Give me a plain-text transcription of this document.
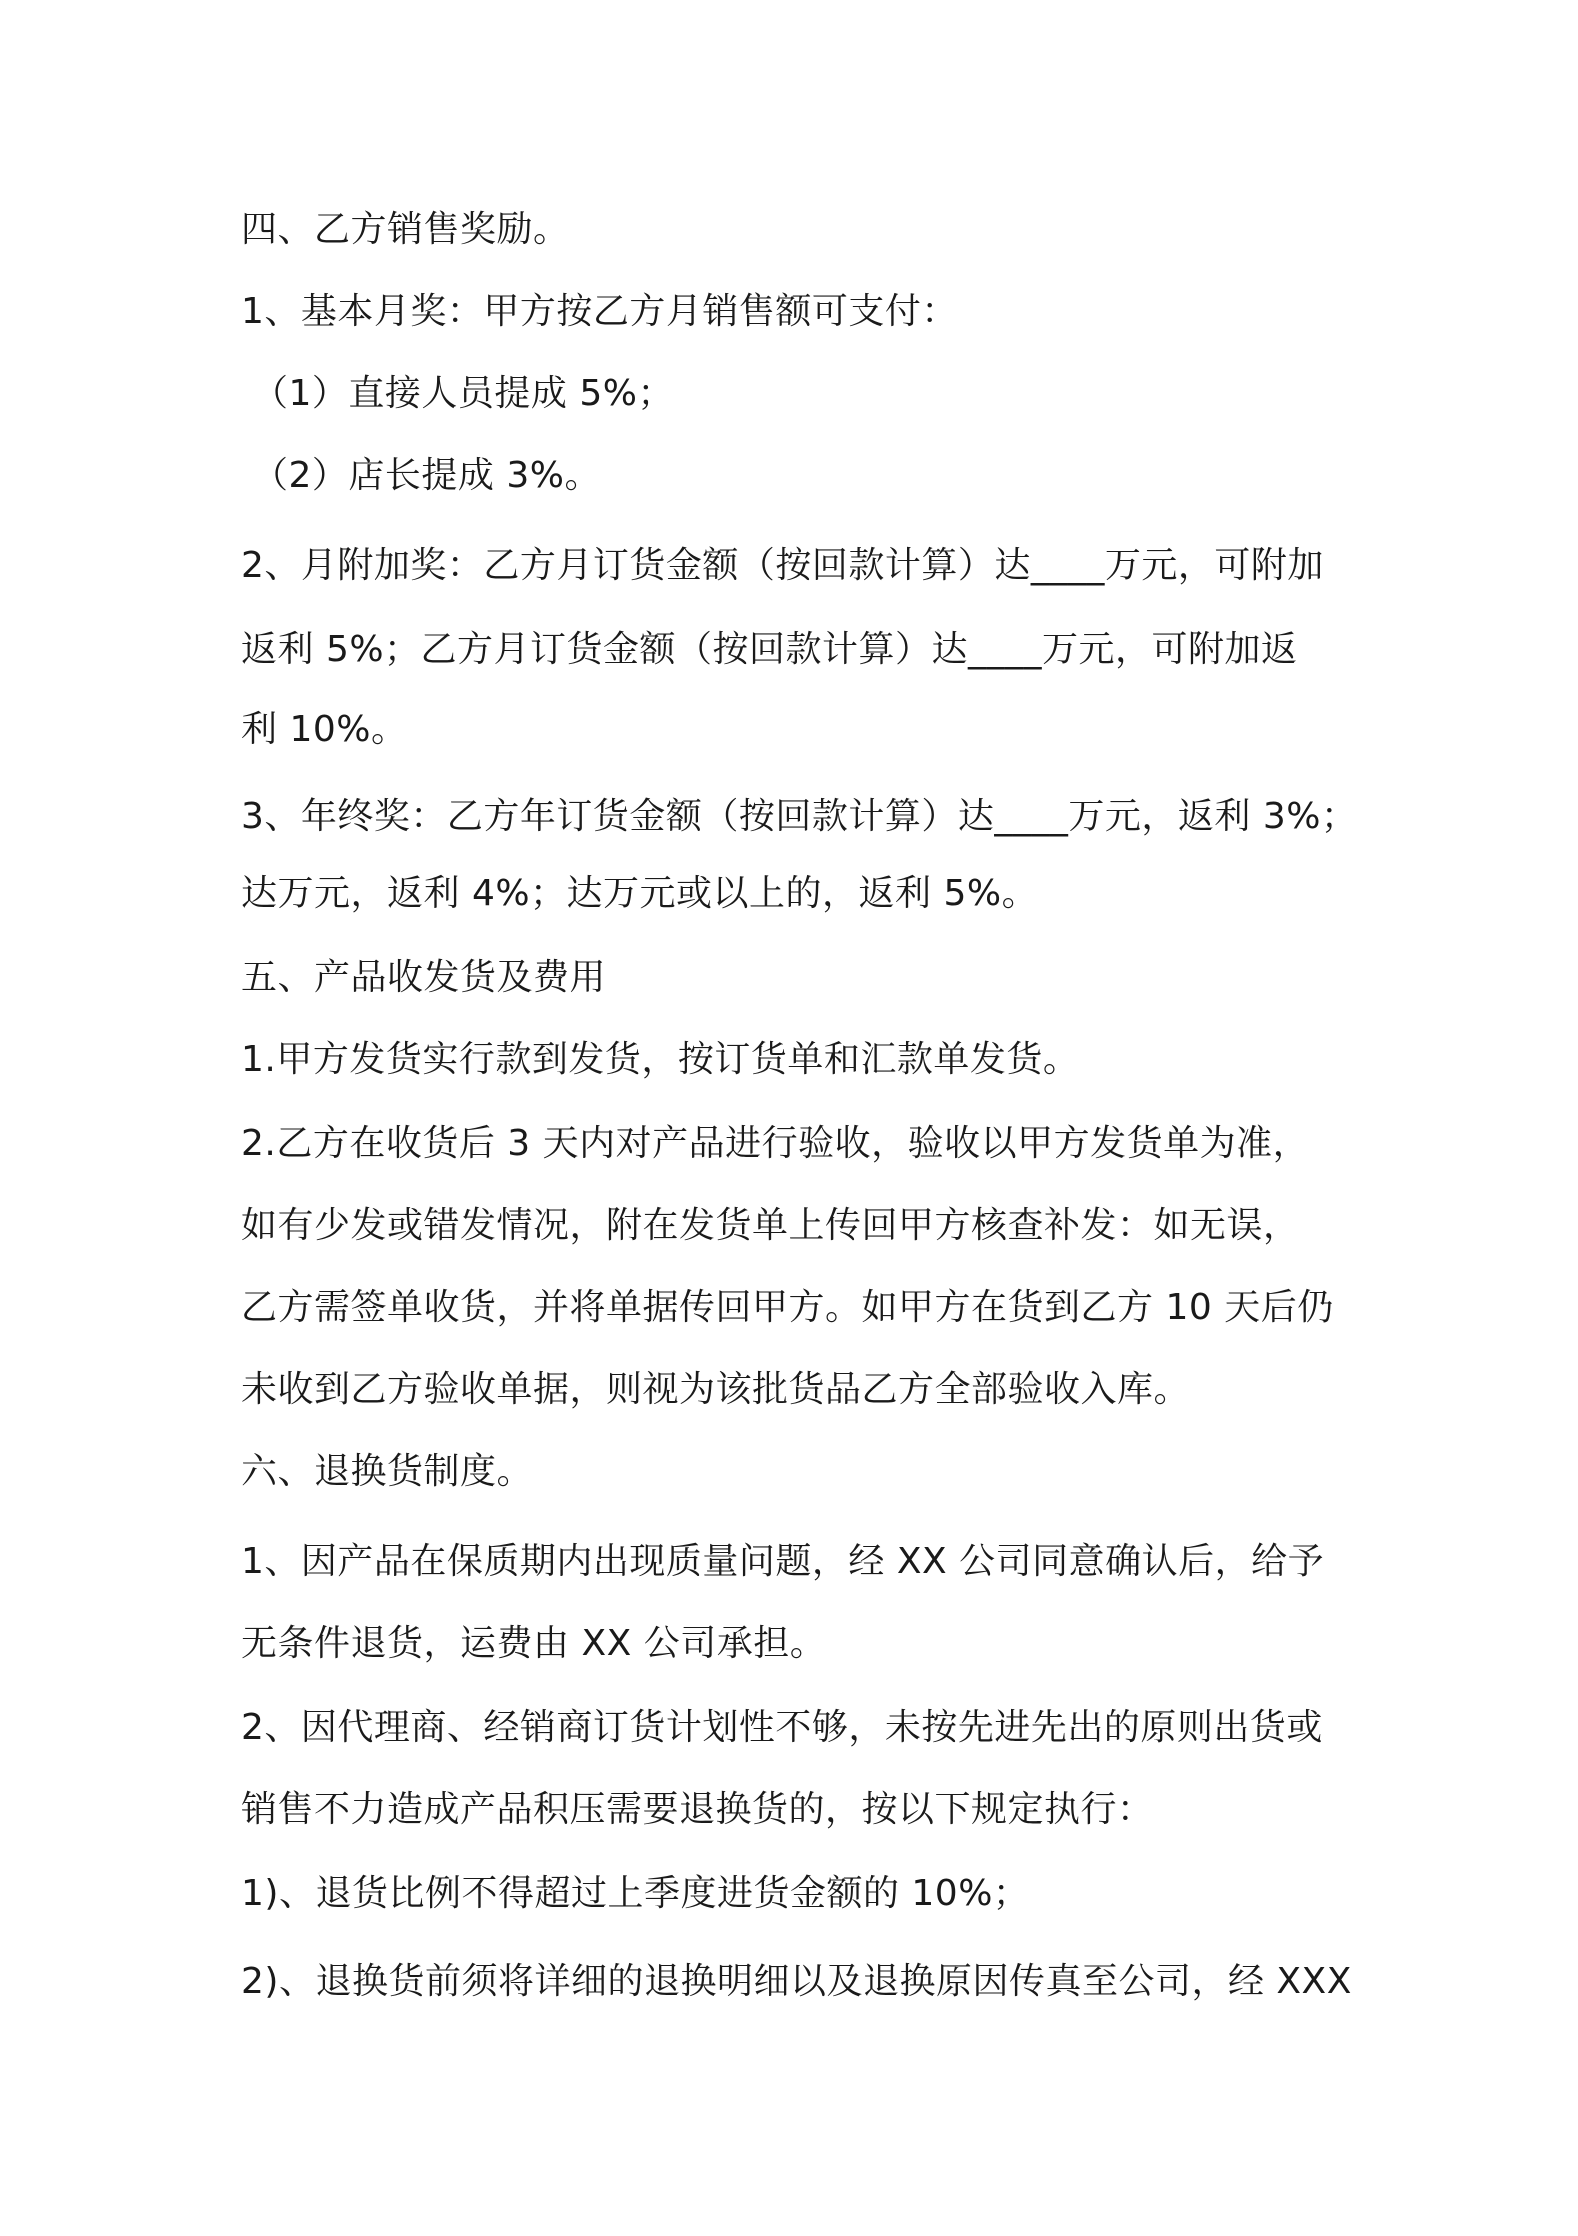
四、乙方销售奖励。
1、基本月奖：甲方按乙方月销售额可支付：
（1）直接人员提成 5%；
（2）店长提成 3%。
2、月附加奖：乙方月订货金额（按回款计算）达____万元，可附加
返利 5%；乙方月订货金额（按回款计算）达____万元，可附加返
利 10%。
3、年终奖：乙方年订货金额（按回款计算）达____万元，返利 3%；
达万元，返利 4%；达万元或以上的，返利 5%。
五、产品收发货及费用
1.甲方发货实行款到发货，按订货单和汇款单发货。
2.乙方在收货后 3 天内对产品进行验收，验收以甲方发货单为准，
如有少发或错发情况，附在发货单上传回甲方核查补发：如无误，
乙方需签单收货，并将单据传回甲方。如甲方在货到乙方 10 天后仍
未收到乙方验收单据，则视为该批货品乙方全部验收入库。
六、退换货制度。
1、因产品在保质期内出现质量问题，经 XX 公司同意确认后，给予
无条件退货，运费由 XX 公司承担。
2、因代理商、经销商订货计划性不够，未按先进先出的原则出货或
销售不力造成产品积压需要退换货的，按以下规定执行：
1)、退货比例不得超过上季度进货金额的 10%；
2)、退换货前须将详细的退换明细以及退换原因传真至公司，经 XXX
